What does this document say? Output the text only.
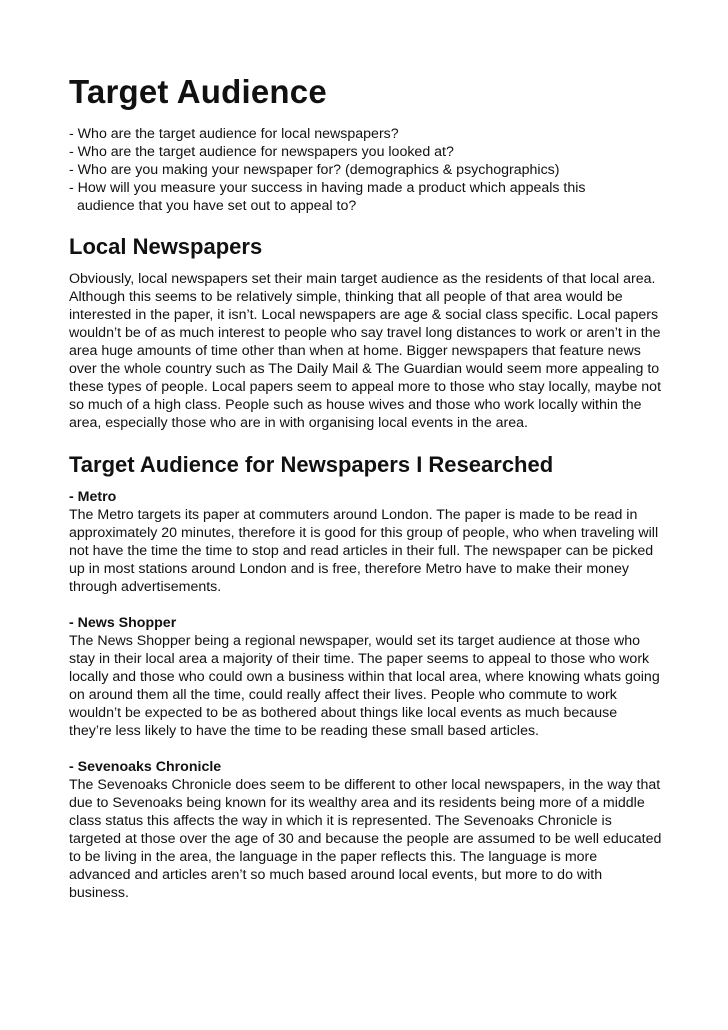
Target Audience
- Who are the target audience for local newspapers?
- Who are the target audience for newspapers you looked at?
- Who are you making your newspaper for? (demographics & psychographics)
- How will you measure your success in having made a product which appeals this
audience that you have set out to appeal to?
Local Newspapers

Obviously, local newspapers set their main target audience as the residents of that local area. Although this seems to be relatively simple, thinking that all people of that area would be interested in the paper, it isn’t. Local newspapers are age & social class specific. Local papers wouldn’t be of as much interest to people who say travel long distances to work or aren’t in the area huge amounts of time other than when at home. Bigger newspapers that feature news over the whole country such as The Daily Mail & The Guardian would seem more appealing to these types of people. Local papers seem to appeal more to those who stay locally, maybe not so much of a high class. People such as house wives and those who work locally within the area, especially those who are in with organising local events in the area.

Target Audience for Newspapers I Researched

- Metro

The Metro targets its paper at commuters around London. The paper is made to be read in approximately 20 minutes, therefore it is good for this group of people, who when traveling will not have the time the time to stop and read articles in their full. The newspaper can be picked up in most stations around London and is free, therefore Metro have to make their money through advertisements.

- News Shopper

The News Shopper being a regional newspaper, would set its target audience at those who stay in their local area a majority of their time. The paper seems to appeal to those who work locally and those who could own a business within that local area, where knowing whats going on around them all the time, could really affect their lives. People who commute to work wouldn’t be expected to be as bothered about things like local events as much because they’re less likely to have the time to be reading these small based articles.

- Sevenoaks Chronicle

The Sevenoaks Chronicle does seem to be different to other local newspapers, in the way that due to Sevenoaks being known for its wealthy area and its residents being more of a middle class status this affects the way in which it is represented. The Sevenoaks Chronicle is targeted at those over the age of 30 and because the people are assumed to be well educated to be living in the area, the language in the paper reflects this. The language is more advanced and articles aren’t so much based around local events, but more to do with business.
